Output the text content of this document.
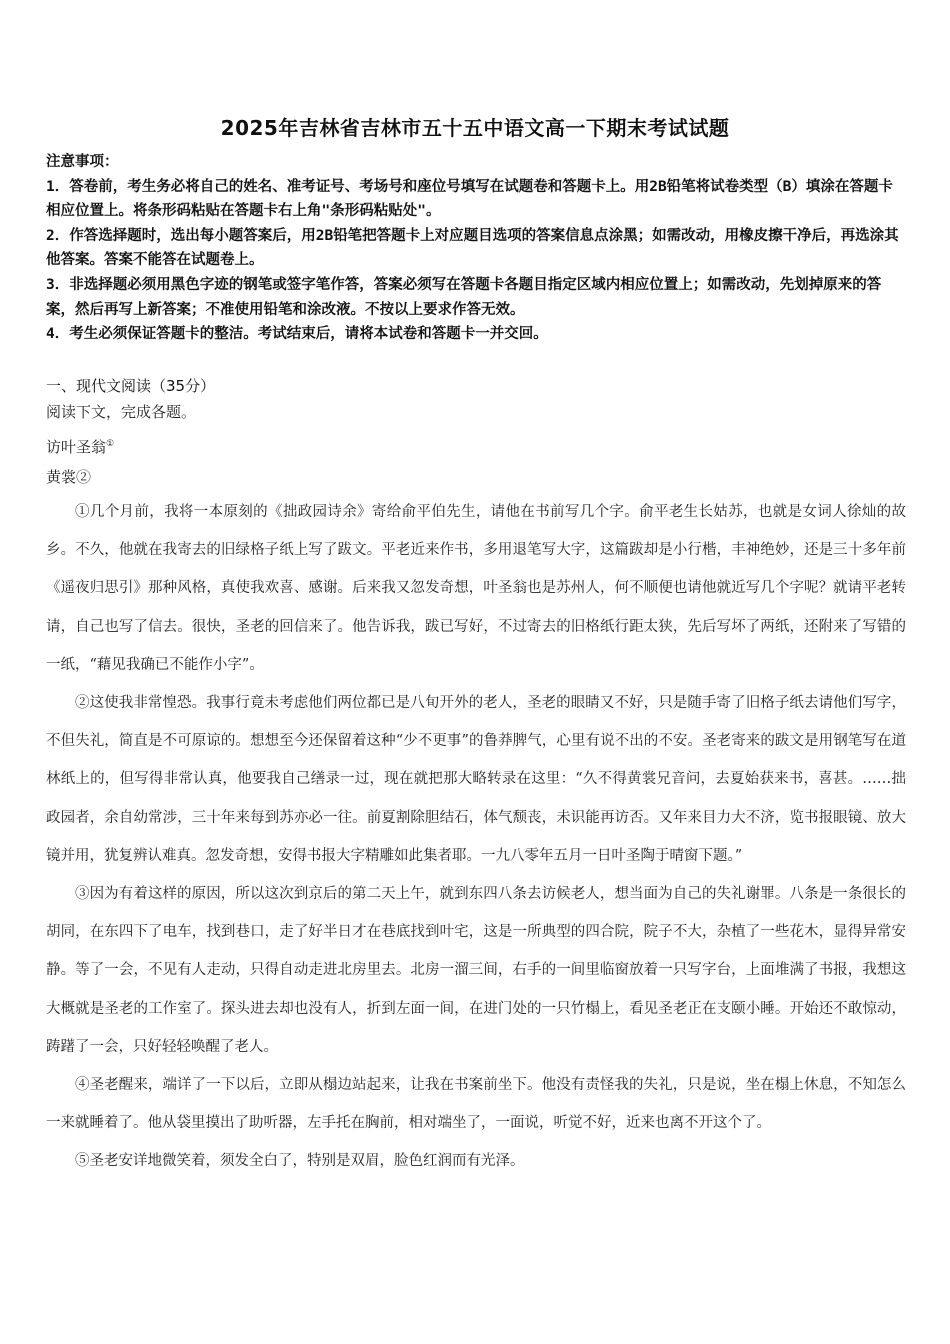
2025年吉林省吉林市五十五中语文高一下期末考试试题

注意事项：

1．答卷前，考生务必将自己的姓名、准考证号、考场号和座位号填写在试题卷和答题卡上。用2B铅笔将试卷类型（B）填涂在答题卡相应位置上。将条形码粘贴在答题卡右上角"条形码粘贴处"。

2．作答选择题时，选出每小题答案后，用2B铅笔把答题卡上对应题目选项的答案信息点涂黑；如需改动，用橡皮擦干净后，再选涂其他答案。答案不能答在试题卷上。

3．非选择题必须用黑色字迹的钢笔或签字笔作答，答案必须写在答题卡各题目指定区域内相应位置上；如需改动，先划掉原来的答案，然后再写上新答案；不准使用铅笔和涂改液。不按以上要求作答无效。

4．考生必须保证答题卡的整洁。考试结束后，请将本试卷和答题卡一并交回。

一、现代文阅读（35分）
阅读下文，完成各题。
访叶圣翁①
黄裳②

①几个月前，我将一本原刻的《拙政园诗余》寄给俞平伯先生，请他在书前写几个字。俞平老生长姑苏，也就是女词人徐灿的故乡。不久，他就在我寄去的旧绿格子纸上写了跋文。平老近来作书，多用退笔写大字，这篇跋却是小行楷，丰神绝妙，还是三十多年前《遥夜归思引》那种风格，真使我欢喜、感谢。后来我又忽发奇想，叶圣翁也是苏州人，何不顺便也请他就近写几个字呢？就请平老转请，自己也写了信去。很快，圣老的回信来了。他告诉我，跋已写好，不过寄去的旧格纸行距太狭，先后写坏了两纸，还附来了写错的一纸，“藉见我确已不能作小字”。

②这使我非常惶恐。我事行竟未考虑他们两位都已是八旬开外的老人，圣老的眼睛又不好，只是随手寄了旧格子纸去请他们写字，不但失礼，简直是不可原谅的。想想至今还保留着这种“少不更事”的鲁莽脾气，心里有说不出的不安。圣老寄来的跋文是用钢笔写在道林纸上的，但写得非常认真，他要我自己缮录一过，现在就把那大略转录在这里：“久不得黄裳兄音问，去夏始获来书，喜甚。……拙政园者，余自幼常涉，三十年来每到苏亦必一往。前夏割除胆结石，体气颓丧，未识能再访否。又年来目力大不济，览书报眼镜、放大镜并用，犹复辨认难真。忽发奇想，安得书报大字精雕如此集者耶。一九八零年五月一日叶圣陶于晴窗下题。”

③因为有着这样的原因，所以这次到京后的第二天上午，就到东四八条去访候老人，想当面为自己的失礼谢罪。八条是一条很长的胡同，在东四下了电车，找到巷口，走了好半日才在巷底找到叶宅，这是一所典型的四合院，院子不大，杂植了一些花木，显得异常安静。等了一会，不见有人走动，只得自动走进北房里去。北房一溜三间，右手的一间里临窗放着一只写字台，上面堆满了书报，我想这大概就是圣老的工作室了。探头进去却也没有人，折到左面一间，在进门处的一只竹榻上，看见圣老正在支颐小睡。开始还不敢惊动，踌躇了一会，只好轻轻唤醒了老人。

④圣老醒来，端详了一下以后，立即从榻边站起来，让我在书案前坐下。他没有责怪我的失礼，只是说，坐在榻上休息，不知怎么一来就睡着了。他从袋里摸出了助听器，左手托在胸前，相对端坐了，一面说，听觉不好，近来也离不开这个了。

⑤圣老安详地微笑着，须发全白了，特别是双眉，脸色红润而有光泽。
